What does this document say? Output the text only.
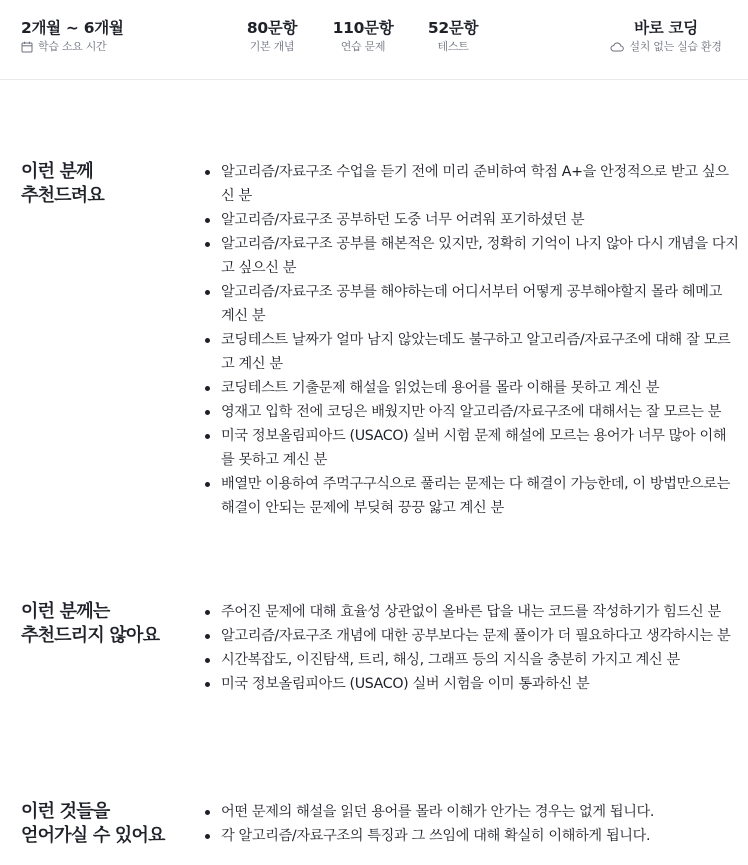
2개월 ~ 6개월
학습 소요 시간
80문항
기본 개념
110문항
연습 문제
52문항
테스트
바로 코딩
설치 없는 실습 환경
이런 분께
추천드려요
알고리즘/자료구조 수업을 듣기 전에 미리 준비하여 학점 A+을 안정적으로 받고 싶으신 분
알고리즘/자료구조 공부하던 도중 너무 어려워 포기하셨던 분
알고리즘/자료구조 공부를 해본적은 있지만, 정확히 기억이 나지 않아 다시 개념을 다지고 싶으신 분
알고리즘/자료구조 공부를 해야하는데 어디서부터 어떻게 공부해야할지 몰라 헤메고 계신 분
코딩테스트 날짜가 얼마 남지 않았는데도 불구하고 알고리즘/자료구조에 대해 잘 모르고 계신 분
코딩테스트 기출문제 해설을 읽었는데 용어를 몰라 이해를 못하고 계신 분
영재고 입학 전에 코딩은 배웠지만 아직 알고리즘/자료구조에 대해서는 잘 모르는 분
미국 정보올림피아드 (USACO) 실버 시험 문제 해설에 모르는 용어가 너무 많아 이해를 못하고 계신 분
배열만 이용하여 주먹구구식으로 풀리는 문제는 다 해결이 가능한데, 이 방법만으로는 해결이 안되는 문제에 부딪혀 끙끙 앓고 계신 분
이런 분께는
추천드리지 않아요
주어진 문제에 대해 효율성 상관없이 올바른 답을 내는 코드를 작성하기가 힘드신 분
알고리즘/자료구조 개념에 대한 공부보다는 문제 풀이가 더 필요하다고 생각하시는 분
시간복잡도, 이진탐색, 트리, 해싱, 그래프 등의 지식을 충분히 가지고 계신 분
미국 정보올림피아드 (USACO) 실버 시험을 이미 통과하신 분
이런 것들을
얻어가실 수 있어요
어떤 문제의 해설을 읽던 용어를 몰라 이해가 안가는 경우는 없게 됩니다.
각 알고리즘/자료구조의 특징과 그 쓰임에 대해 확실히 이해하게 됩니다.
